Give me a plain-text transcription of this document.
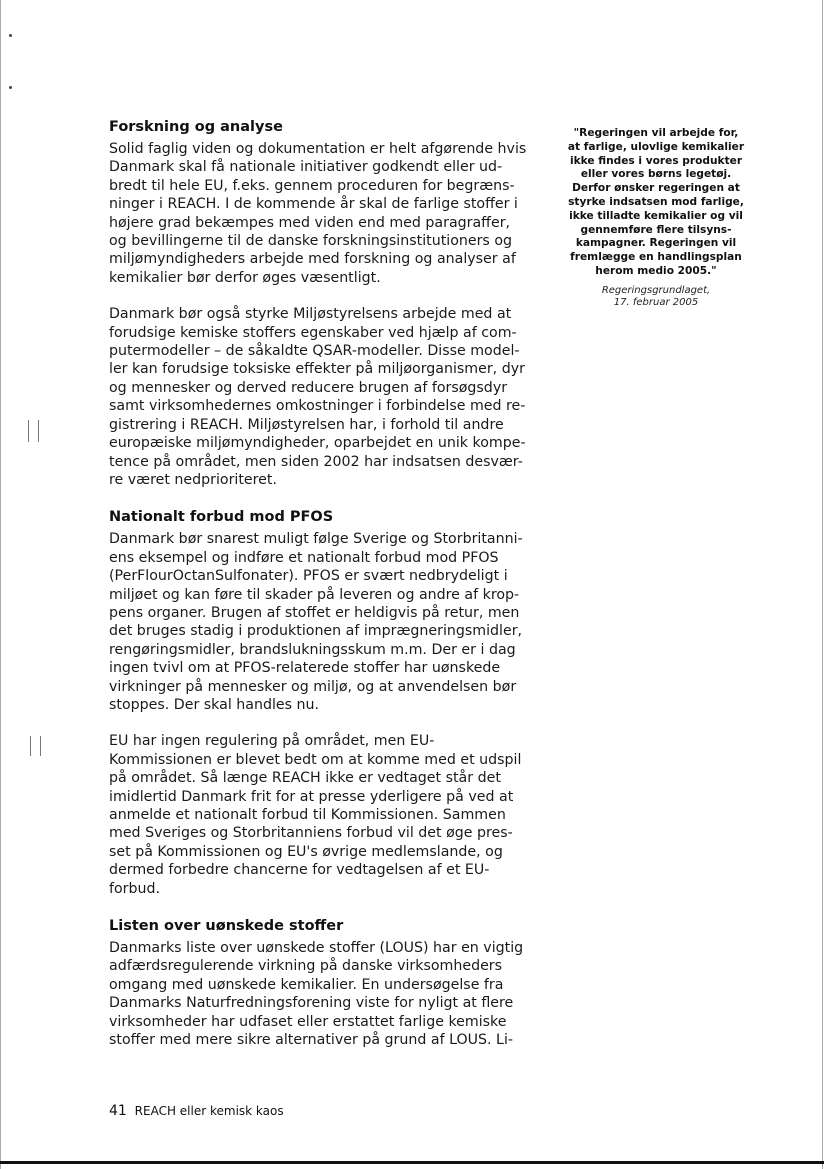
Forskning og analyse

Solid faglig viden og dokumentation er helt afgørende hvis
Danmark skal få nationale initiativer godkendt eller ud-
bredt til hele EU, f.eks. gennem proceduren for begræns-
ninger i REACH. I de kommende år skal de farlige stoffer i
højere grad bekæmpes med viden end med paragraffer,
og bevillingerne til de danske forskningsinstitutioners og
miljømyndigheders arbejde med forskning og analyser af
kemikalier bør derfor øges væsentligt.

Danmark bør også styrke Miljøstyrelsens arbejde med at
forudsige kemiske stoffers egenskaber ved hjælp af com-
putermodeller – de såkaldte QSAR-modeller. Disse model-
ler kan forudsige toksiske effekter på miljøorganismer, dyr
og mennesker og derved reducere brugen af forsøgsdyr
samt virksomhedernes omkostninger i forbindelse med re-
gistrering i REACH. Miljøstyrelsen har, i forhold til andre
europæiske miljømyndigheder, oparbejdet en unik kompe-
tence på området, men siden 2002 har indsatsen desvær-
re været nedprioriteret.

Nationalt forbud mod PFOS

Danmark bør snarest muligt følge Sverige og Storbritanni-
ens eksempel og indføre et nationalt forbud mod PFOS
(PerFlourOctanSulfonater). PFOS er svært nedbrydeligt i
miljøet og kan føre til skader på leveren og andre af krop-
pens organer. Brugen af stoffet er heldigvis på retur, men
det bruges stadig i produktionen af imprægneringsmidler,
rengøringsmidler, brandslukningsskum m.m. Der er i dag
ingen tvivl om at PFOS-relaterede stoffer har uønskede
virkninger på mennesker og miljø, og at anvendelsen bør
stoppes. Der skal handles nu.

EU har ingen regulering på området, men EU-
Kommissionen er blevet bedt om at komme med et udspil
på området. Så længe REACH ikke er vedtaget står det
imidlertid Danmark frit for at presse yderligere på ved at
anmelde et nationalt forbud til Kommissionen. Sammen
med Sveriges og Storbritanniens forbud vil det øge pres-
set på Kommissionen og EU's øvrige medlemslande, og
dermed forbedre chancerne for vedtagelsen af et EU-
forbud.

Listen over uønskede stoffer

Danmarks liste over uønskede stoffer (LOUS) har en vigtig
adfærdsregulerende virkning på danske virksomheders
omgang med uønskede kemikalier. En undersøgelse fra
Danmarks Naturfredningsforening viste for nyligt at flere
virksomheder har udfaset eller erstattet farlige kemiske
stoffer med mere sikre alternativer på grund af LOUS. Li-

"Regeringen vil arbejde for,
at farlige, ulovlige kemikalier
ikke findes i vores produkter
eller vores børns legetøj.
Derfor ønsker regeringen at
styrke indsatsen mod farlige,
ikke tilladte kemikalier og vil
gennemføre flere tilsyns-
kampagner. Regeringen vil
fremlægge en handlingsplan
herom medio 2005."

Regeringsgrundlaget,
17. februar 2005
41 REACH eller kemisk kaos
